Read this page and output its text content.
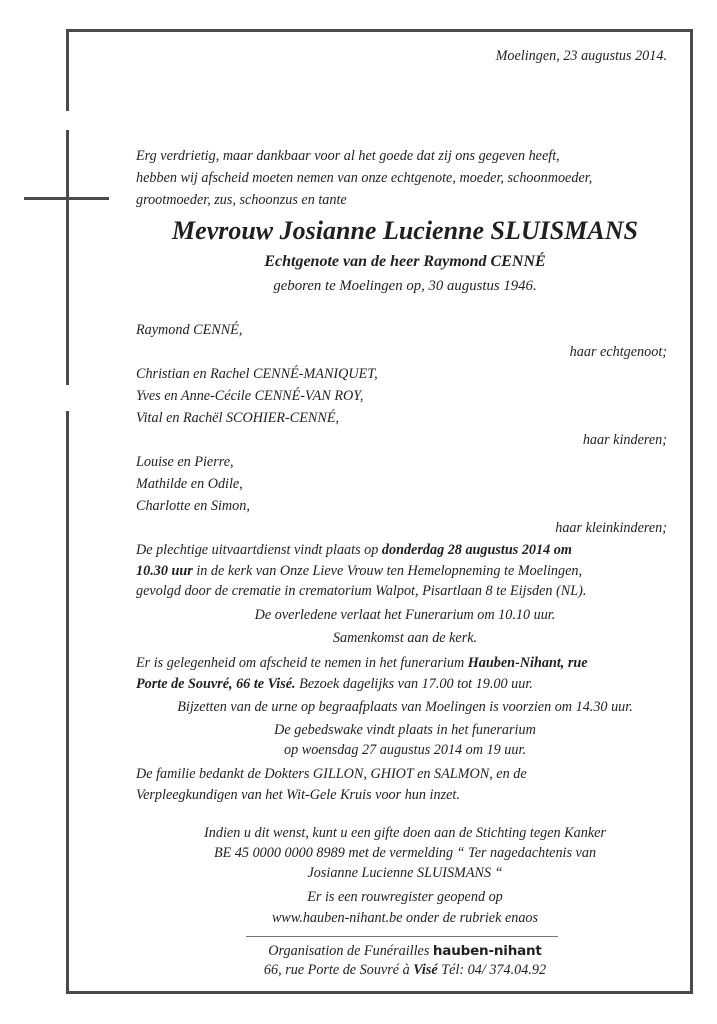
Moelingen, 23 augustus 2014.
Erg verdrietig, maar dankbaar voor al het goede dat zij ons gegeven heeft,
hebben wij afscheid moeten nemen van onze echtgenote, moeder, schoonmoeder,
grootmoeder, zus, schoonzus en tante
Mevrouw Josianne Lucienne SLUISMANS
Echtgenote van de heer Raymond CENNÉ
geboren te Moelingen op, 30 augustus 1946.
Raymond CENNÉ,
haar echtgenoot;
Christian en Rachel CENNÉ-MANIQUET,
Yves en Anne-Cécile CENNÉ-VAN ROY,
Vital en Rachël SCOHIER-CENNÉ,
haar kinderen;
Louise en Pierre,
Mathilde en Odile,
Charlotte en Simon,
haar kleinkinderen;
De plechtige uitvaartdienst vindt plaats op donderdag 28 augustus 2014 om
10.30 uur in de kerk van Onze Lieve Vrouw ten Hemelopneming te Moelingen,
gevolgd door de crematie in crematorium Walpot, Pisartlaan 8 te Eijsden (NL).
De overledene verlaat het Funerarium om 10.10 uur.
Samenkomst aan de kerk.
Er is gelegenheid om afscheid te nemen in het funerarium Hauben-Nihant, rue
Porte de Souvré, 66 te Visé. Bezoek dagelijks van 17.00 tot 19.00 uur.
Bijzetten van de urne op begraafplaats van Moelingen is voorzien om 14.30 uur.
De gebedswake vindt plaats in het funerarium
op woensdag 27 augustus 2014 om 19 uur.
De familie bedankt de Dokters GILLON, GHIOT en SALMON, en de
Verpleegkundigen van het Wit-Gele Kruis voor hun inzet.
Indien u dit wenst, kunt u een gifte doen aan de Stichting tegen Kanker
BE 45 0000 0000 8989 met de vermelding “ Ter nagedachtenis van
Josianne Lucienne SLUISMANS “
Er is een rouwregister geopend op
www.hauben-nihant.be onder de rubriek enaos
Organisation de Funérailles hauben-nihant
66, rue Porte de Souvré à Visé Tél: 04/ 374.04.92
